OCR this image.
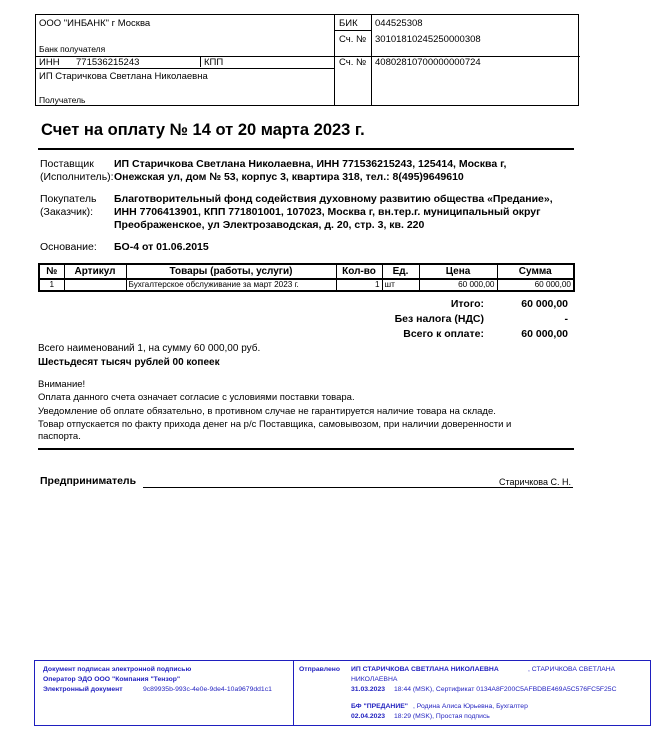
ООО "ИНБАНК" г Москва
Банк получателя
БИК 044525308
Сч. № 30101810245250000308
ИНН 771536215243	КПП	Сч. № 40802810700000000724
ИП Старичкова Светлана Николаевна
Получатель
Счет на оплату № 14 от 20 марта 2023 г.
Поставщик
(Исполнитель):
ИП Старичкова Светлана Николаевна, ИНН 771536215243, 125414, Москва г,
Онежская ул, дом № 53, корпус 3, квартира 318, тел.: 8(495)9649610
Покупатель
(Заказчик):
Благотворительный фонд содействия духовному развитию общества «Предание»,
ИНН 7706413901, КПП 771801001, 107023, Москва г, вн.тер.г. муниципальный округ
Преображенское, ул Электрозаводская, д. 20, стр. 3, кв. 220
Основание: БО-4 от 01.06.2015
№	Артикул	Товары (работы, услуги)	Кол-во	Ед.	Цена	Сумма
1		Бухгалтерское обслуживание за март 2023 г.	1	шт	60 000,00	60 000,00
Итого:	60 000,00
Без налога (НДС)	-
Всего к оплате:	60 000,00
Всего наименований 1, на сумму 60 000,00 руб.
Шестьдесят тысяч рублей 00 копеек
Внимание!
Оплата данного счета означает согласие с условиями поставки товара.
Уведомление об оплате обязательно, в противном случае не гарантируется наличие товара на складе.
Товар отпускается по факту прихода денег на р/с Поставщика, самовывозом, при наличии доверенности и
паспорта.
Предприниматель	Старичкова С. Н.
Документ подписан электронной подписью
Оператор ЭДО ООО "Компания "Тензор"
Электронный документ	9c89935b-993c-4e0e-9de4-10a9679dd1c1
Отправлено ИП СТАРИЧКОВА СВЕТЛАНА НИКОЛАЕВНА	, СТАРИЧКОВА СВЕТЛАНА
НИКОЛАЕВНА
31.03.2023 18:44 (MSK), Сертификат 0134A8F200C5AFBDBE469A5C576FC5F25C
БФ "ПРЕДАНИЕ" , Родина Алиса Юрьевна, Бухгалтер
02.04.2023 18:29 (MSK), Простая подпись
